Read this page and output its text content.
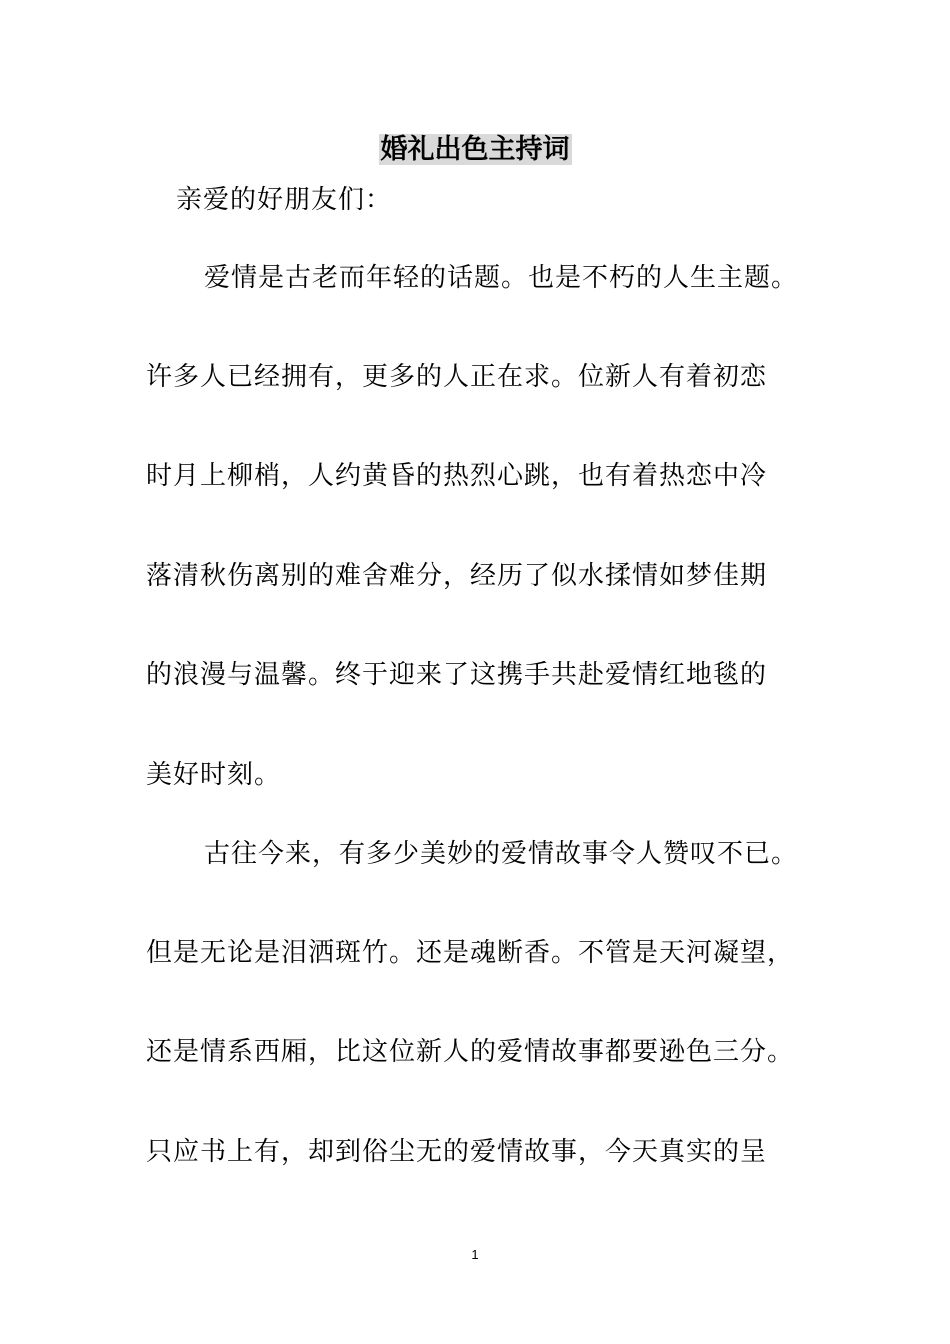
婚礼出色主持词
亲爱的好朋友们：
爱情是古老而年轻的话题。也是不朽的人生主题。
许多人已经拥有，更多的人正在求。位新人有着初恋
时月上柳梢，人约黄昏的热烈心跳，也有着热恋中冷
落清秋伤离别的难舍难分，经历了似水揉情如梦佳期
的浪漫与温馨。终于迎来了这携手共赴爱情红地毯的
美好时刻。
古往今来，有多少美妙的爱情故事令人赞叹不已。
但是无论是泪洒斑竹。还是魂断香。不管是天河凝望，
还是情系西厢，比这位新人的爱情故事都要逊色三分。
只应书上有，却到俗尘无的爱情故事，今天真实的呈
1
